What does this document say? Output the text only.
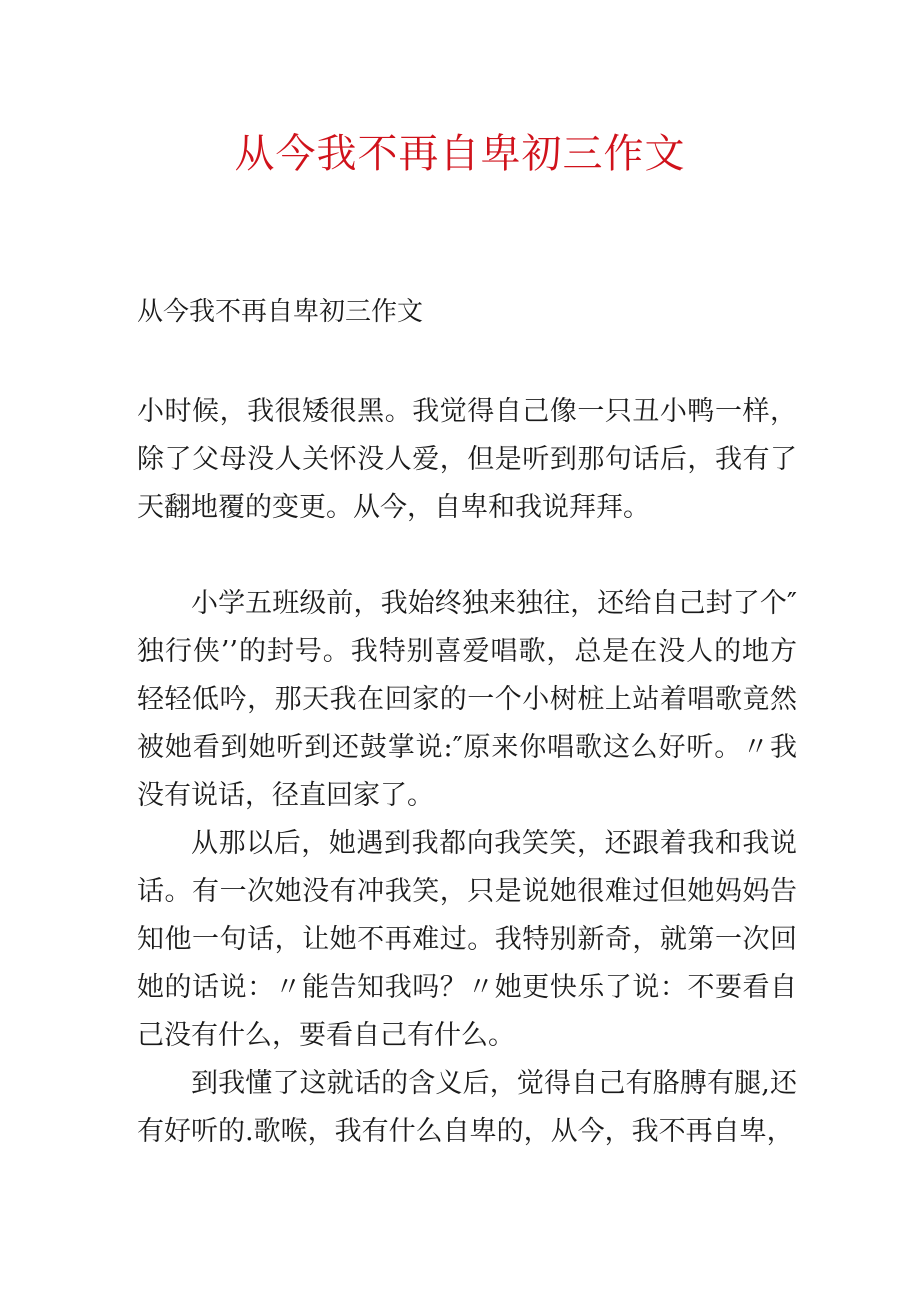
从今我不再自卑初三作文

从今我不再自卑初三作文

小时候，我很矮很黑。我觉得自己像一只丑小鸭一样，除了父母没人关怀没人爱，但是听到那句话后，我有了天翻地覆的变更。从今，自卑和我说拜拜。

小学五班级前，我始终独来独往，还给自己封了个″独行侠’’的封号。我特别喜爱唱歌，总是在没人的地方轻轻低吟，那天我在回家的一个小树桩上站着唱歌竟然被她看到她听到还鼓掌说:″原来你唱歌这么好听。〃我没有说话，径直回家了。

从那以后，她遇到我都向我笑笑，还跟着我和我说话。有一次她没有冲我笑，只是说她很难过但她妈妈告知他一句话，让她不再难过。我特别新奇，就第一次回她的话说：〃能告知我吗？〃她更快乐了说：不要看自己没有什么，要看自己有什么。

到我懂了这就话的含义后，觉得自己有胳膊有腿,还有好听的.歌喉，我有什么自卑的，从今，我不再自卑，
